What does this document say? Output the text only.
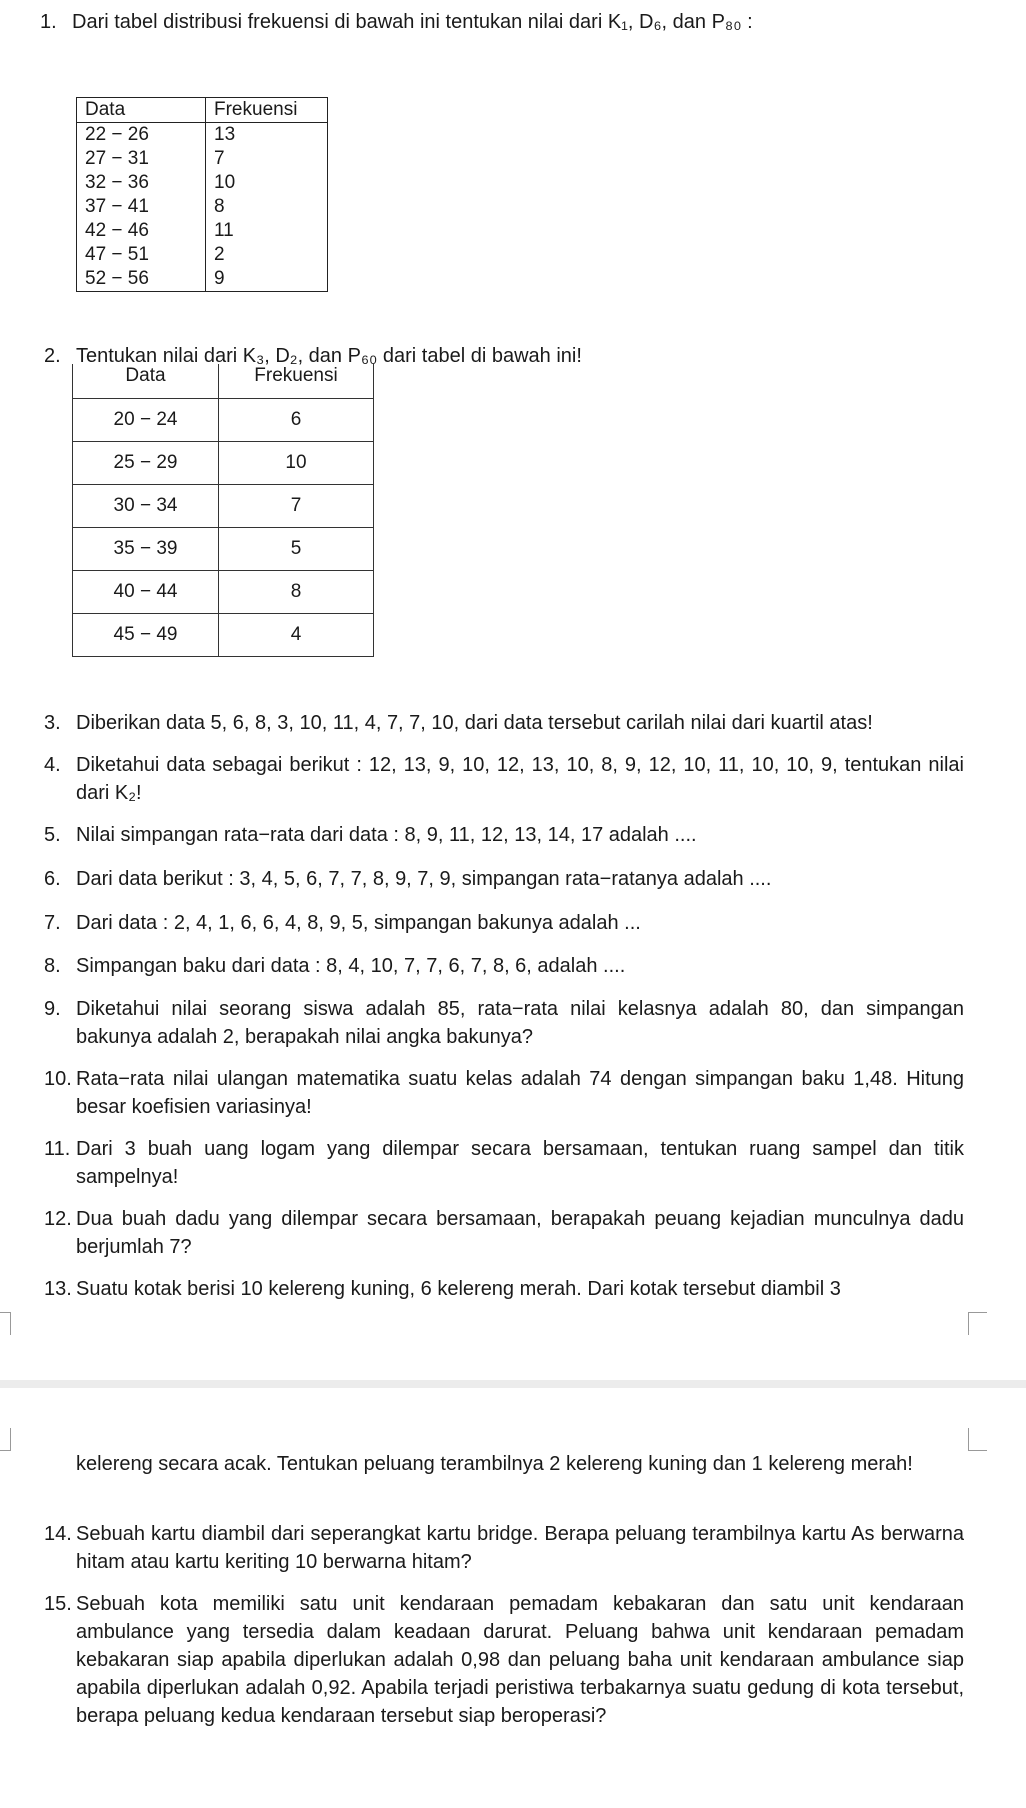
1. Dari tabel distribusi frekuensi di bawah ini tentukan nilai dari K₁, D₆, dan P₈₀ :
Data	Frekuensi
22 − 26	13
27 − 31	7
32 − 36	10
37 − 41	8
42 − 46	11
47 − 51	2
52 − 56	9
2. Tentukan nilai dari K₃, D₂, dan P₆₀ dari tabel di bawah ini!
Data	Frekuensi
20 − 24	6
25 − 29	10
30 − 34	7
35 − 39	5
40 − 44	8
45 − 49	4
3. Diberikan data 5, 6, 8, 3, 10, 11, 4, 7, 7, 10, dari data tersebut carilah nilai dari kuartil atas!
4. Diketahui data sebagai berikut : 12, 13, 9, 10, 12, 13, 10, 8, 9, 12, 10, 11, 10, 10, 9, tentukan nilai dari K₂!
5. Nilai simpangan rata−rata dari data : 8, 9, 11, 12, 13, 14, 17 adalah ....
6. Dari data berikut : 3, 4, 5, 6, 7, 7, 8, 9, 7, 9, simpangan rata−ratanya adalah ....
7. Dari data : 2, 4, 1, 6, 6, 4, 8, 9, 5, simpangan bakunya adalah ...
8. Simpangan baku dari data : 8, 4, 10, 7, 7, 6, 7, 8, 6, adalah ....
9. Diketahui nilai seorang siswa adalah 85, rata−rata nilai kelasnya adalah 80, dan simpangan bakunya adalah 2, berapakah nilai angka bakunya?
10. Rata−rata nilai ulangan matematika suatu kelas adalah 74 dengan simpangan baku 1,48. Hitung besar koefisien variasinya!
11. Dari 3 buah uang logam yang dilempar secara bersamaan, tentukan ruang sampel dan titik sampelnya!
12. Dua buah dadu yang dilempar secara bersamaan, berapakah peuang kejadian munculnya dadu berjumlah 7?
13. Suatu kotak berisi 10 kelereng kuning, 6 kelereng merah. Dari kotak tersebut diambil 3
kelereng secara acak. Tentukan peluang terambilnya 2 kelereng kuning dan 1 kelereng merah!
14. Sebuah kartu diambil dari seperangkat kartu bridge. Berapa peluang terambilnya kartu As berwarna hitam atau kartu keriting 10 berwarna hitam?
15. Sebuah kota memiliki satu unit kendaraan pemadam kebakaran dan satu unit kendaraan ambulance yang tersedia dalam keadaan darurat. Peluang bahwa unit kendaraan pemadam kebakaran siap apabila diperlukan adalah 0,98 dan peluang baha unit kendaraan ambulance siap apabila diperlukan adalah 0,92. Apabila terjadi peristiwa terbakarnya suatu gedung di kota tersebut, berapa peluang kedua kendaraan tersebut siap beroperasi?
